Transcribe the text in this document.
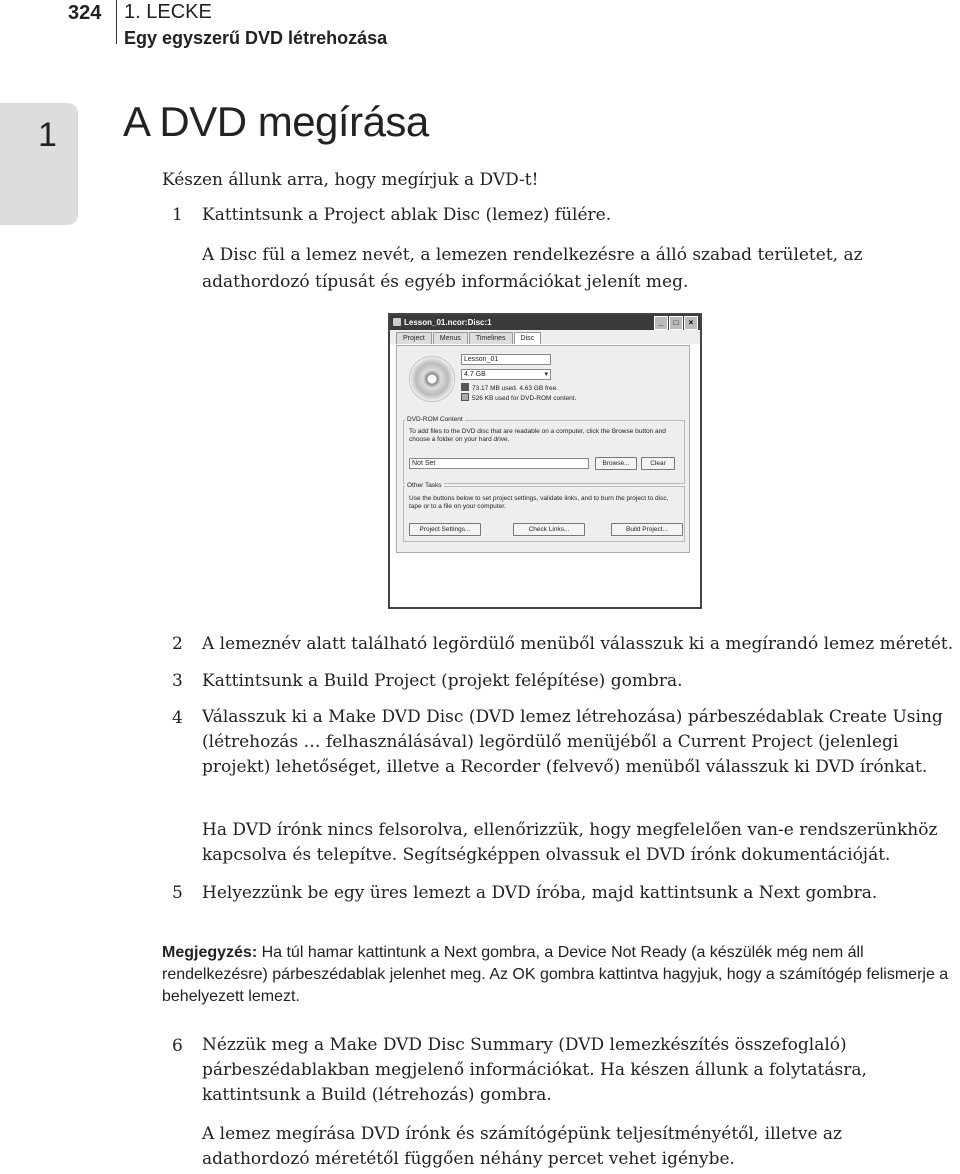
324 1. LECKE
Egy egyszerű DVD létrehozása
1 A DVD megírása
Készen állunk arra, hogy megírjuk a DVD-t!
1 Kattintsunk a Project ablak Disc (lemez) fülére.
A Disc fül a lemez nevét, a lemezen rendelkezésre a álló szabad területet, az adathordozó típusát és egyéb információkat jelenít meg.
Lesson_01.ncor:Disc:1	_	□	×
Project	Menus	Timelines	Disc
Lesson_01
4.7 GB	▾
73.17 MB used. 4.63 GB free.
526 KB used for DVD-ROM content.
DVD-ROM Content
To add files to the DVD disc that are readable on a computer, click the Browse button and choose a folder on your hard drive.
Not Set	Browse...	Clear
Other Tasks
Use the buttons below to set project settings, validate links, and to burn the project to disc, tape or to a file on your computer.
Project Settings...	Check Links...	Build Project...
2 A lemeznév alatt található legördülő menüből válasszuk ki a megírandó lemez méretét.
3 Kattintsunk a Build Project (projekt felépítése) gombra.
4	Válasszuk ki a Make DVD Disc (DVD lemez létrehozása) párbeszédablak Create Using (létrehozás … felhasználásával) legördülő menüjéből a Current Project (jelenlegi projekt) lehetőséget, illetve a Recorder (felvevő) menüből válasszuk ki DVD írónkat.
Ha DVD írónk nincs felsorolva, ellenőrizzük, hogy megfelelően van-e rendszerünkhöz kapcsolva és telepítve. Segítségképpen olvassuk el DVD írónk dokumentációját.
5 Helyezzünk be egy üres lemezt a DVD íróba, majd kattintsunk a Next gombra.
Megjegyzés: Ha túl hamar kattintunk a Next gombra, a Device Not Ready (a készülék még nem áll rendelkezésre) párbeszédablak jelenhet meg. Az OK gombra kattintva hagyjuk, hogy a számítógép felismerje a behelyezett lemezt.
6	Nézzük meg a Make DVD Disc Summary (DVD lemezkészítés összefoglaló) párbeszédablakban megjelenő információkat. Ha készen állunk a folytatásra, kattintsunk a Build (létrehozás) gombra.
A lemez megírása DVD írónk és számítógépünk teljesítményétől, illetve az adathordozó méretétől függően néhány percet vehet igénybe.
